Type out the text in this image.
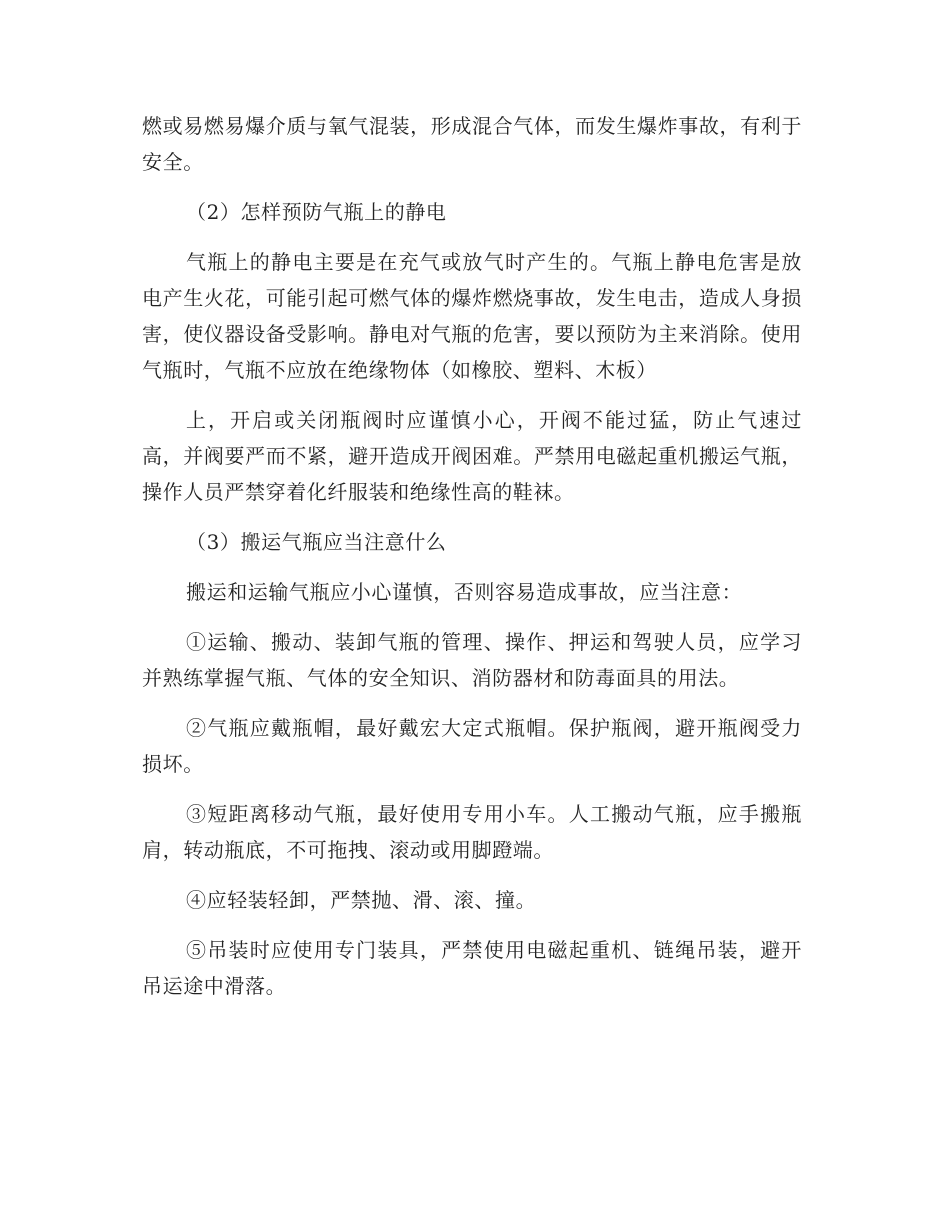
燃或易燃易爆介质与氧气混装，形成混合气体，而发生爆炸事故，有利于安全。

（2）怎样预防气瓶上的静电

气瓶上的静电主要是在充气或放气时产生的。气瓶上静电危害是放电产生火花，可能引起可燃气体的爆炸燃烧事故，发生电击，造成人身损害，使仪器设备受影响。静电对气瓶的危害，要以预防为主来消除。使用气瓶时，气瓶不应放在绝缘物体（如橡胶、塑料、木板）

上，开启或关闭瓶阀时应谨慎小心，开阀不能过猛，防止气速过高，并阀要严而不紧，避开造成开阀困难。严禁用电磁起重机搬运气瓶，操作人员严禁穿着化纤服装和绝缘性高的鞋袜。

（3）搬运气瓶应当注意什么

搬运和运输气瓶应小心谨慎，否则容易造成事故，应当注意：

①运输、搬动、装卸气瓶的管理、操作、押运和驾驶人员，应学习并熟练掌握气瓶、气体的安全知识、消防器材和防毒面具的用法。

②气瓶应戴瓶帽，最好戴宏大定式瓶帽。保护瓶阀，避开瓶阀受力损坏。

③短距离移动气瓶，最好使用专用小车。人工搬动气瓶，应手搬瓶肩，转动瓶底，不可拖拽、滚动或用脚蹬端。

④应轻装轻卸，严禁抛、滑、滚、撞。

⑤吊装时应使用专门装具，严禁使用电磁起重机、链绳吊装，避开吊运途中滑落。
